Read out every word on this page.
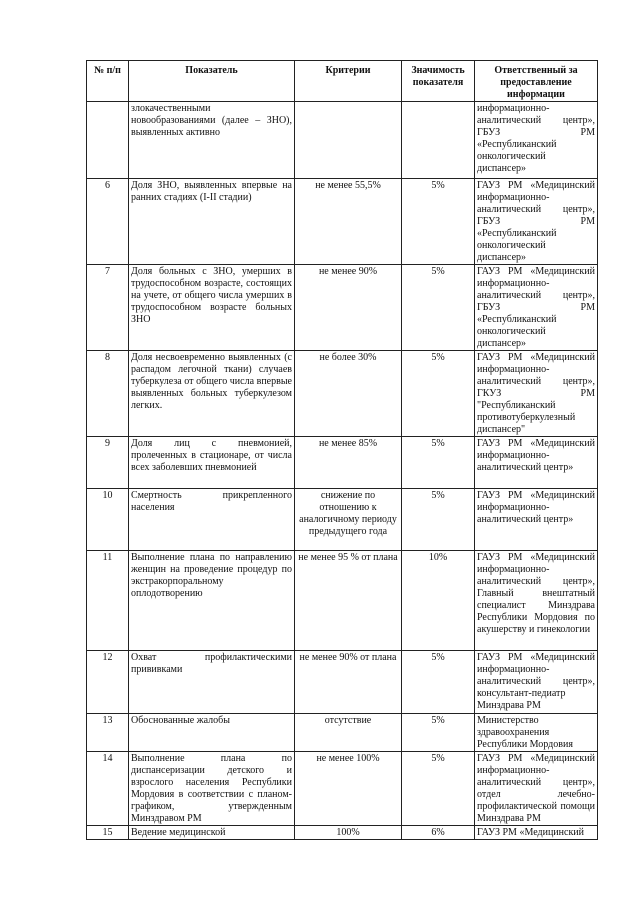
№ п/п	Показатель	Критерии	Значимость показателя	Ответственный за предоставление информации
	злокачественными новообразованиями (далее – ЗНО), выявленных активно			информационно-аналитический центр», ГБУЗ РМ «Республиканский онкологический диспансер»
6	Доля ЗНО, выявленных впервые на ранних стадиях (I-II стадии)	не менее 55,5%	5%	ГАУЗ РМ «Медицинский информационно-аналитический центр», ГБУЗ РМ «Республиканский онкологический диспансер»
7	Доля больных с ЗНО, умерших в трудоспособном возрасте, состоящих на учете, от общего числа умерших в трудоспособном возрасте больных ЗНО	не менее 90%	5%	ГАУЗ РМ «Медицинский информационно-аналитический центр», ГБУЗ РМ «Республиканский онкологический диспансер»
8	Доля несвоевременно выявленных (с распадом легочной ткани) случаев туберкулеза от общего числа впервые выявленных больных туберкулезом легких.	не более 30%	5%	ГАУЗ РМ «Медицинский информационно-аналитический центр», ГКУЗ РМ "Республиканский противотуберкулезный диспансер"
9	Доля лиц с пневмонией, пролеченных в стационаре, от числа всех заболевших пневмонией	не менее 85%	5%	ГАУЗ РМ «Медицинский информационно-аналитический центр»
10	Смертность прикрепленного населения	снижение по отношению к аналогичному периоду предыдущего года	5%	ГАУЗ РМ «Медицинский информационно-аналитический центр»
11	Выполнение плана по направлению женщин на проведение процедур по экстракорпоральному оплодотворению	не менее 95 % от плана	10%	ГАУЗ РМ «Медицинский информационно-аналитический центр», Главный внештатный специалист Минздрава Республики Мордовия по акушерству и гинекологии
12	Охват профилактическими прививками	не менее 90% от плана	5%	ГАУЗ РМ «Медицинский информационно-аналитический центр», консультант-педиатр Минздрава РМ
13	Обоснованные жалобы	отсутствие	5%	Министерство здравоохранения Республики Мордовия
14	Выполнение плана по диспансеризации детского и взрослого населения Республики Мордовия в соответствии с планом-графиком, утвержденным Минздравом РМ	не менее 100%	5%	ГАУЗ РМ «Медицинский информационно-аналитический центр», отдел лечебно-профилактической помощи Минздрава РМ
15	Ведение медицинской	100%	6%	ГАУЗ РМ «Медицинский
